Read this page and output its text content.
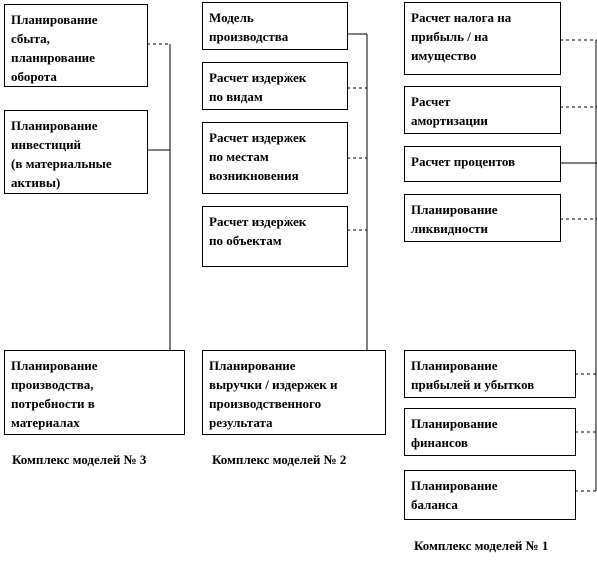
Планирование
сбыта,
планирование
оборота
Планирование
инвестиций
(в материальные
активы)
Планирование
производства,
потребности в
материалах
Комплекс моделей № 3
Модель
производства
Расчет издержек
по видам
Расчет издержек
по местам
возникновения
Расчет издержек
по объектам
Планирование
выручки / издержек и
производственного
результата
Комплекс моделей № 2
Расчет налога на
прибыль / на
имущество
Расчет
амортизации
Расчет процентов
Планирование
ликвидности
Планирование
прибылей и убытков
Планирование
финансов
Планирование
баланса
Комплекс моделей № 1
